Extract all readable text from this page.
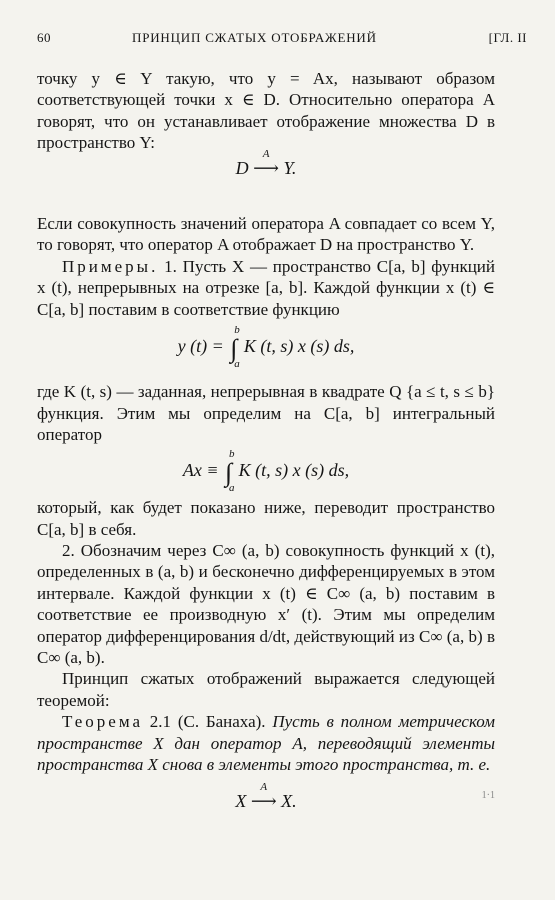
60	ПРИНЦИП СЖАТЫХ ОТОБРАЖЕНИЙ	[ГЛ. II

точку y ∈ Y такую, что y = Ax, называют образом соответствующей точки x ∈ D. Относительно оператора A говорят, что он устанавливает отображение множества D в пространство Y:

D
A
⟶ Y.

Если совокупность значений оператора A совпадает со всем Y, то говорят, что оператор A отображает D на пространство Y.

Примеры. 1. Пусть X — пространство C[a, b] функций x (t), непрерывных на отрезке [a, b]. Каждой функции x (t) ∈ C[a, b] поставим в соответствие функцию

y (t) = ∫
b
a
K (t, s) x (s) ds,

где K (t, s) — заданная, непрерывная в квадрате Q {a ≤ t, s ≤ b} функция. Этим мы определим на C[a, b] интегральный оператор

Ax ≡ ∫
b
a
K (t, s) x (s) ds,

который, как будет показано ниже, переводит пространство C[a, b] в себя.

2. Обозначим через C∞ (a, b) совокупность функций x (t), определенных в (a, b) и бесконечно дифференцируемых в этом интервале. Каждой функции x (t) ∈ C∞ (a, b) поставим в соответствие ее производную x′ (t). Этим мы определим оператор дифференцирования d/dt, действующий из C∞ (a, b) в C∞ (a, b).

Принцип сжатых отображений выражается следующей теоремой:

Теорема 2.1 (С. Банаха). Пусть в полном метрическом пространстве X дан оператор A, переводящий элементы пространства X снова в элементы этого пространства, т. е.

X
A
⟶ X.	1·1
